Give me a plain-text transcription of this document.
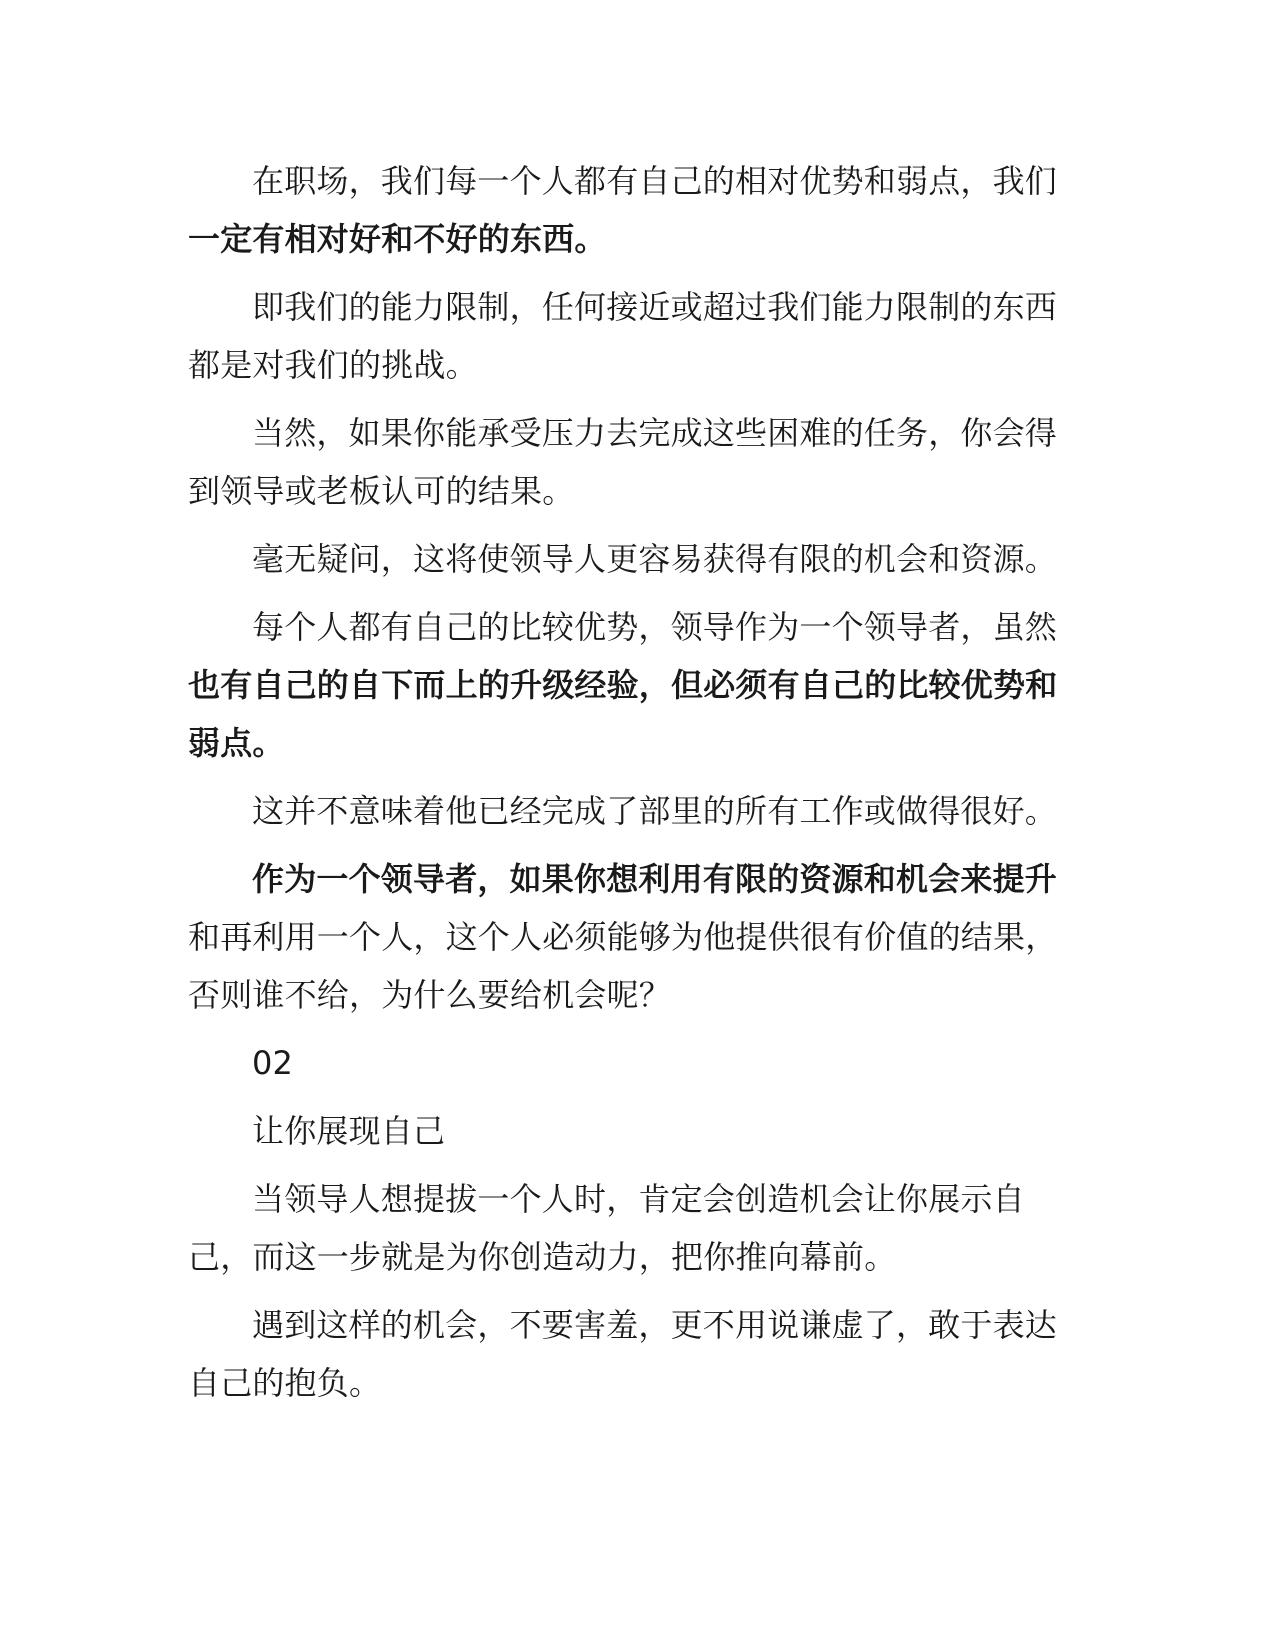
在职场，我们每一个人都有自己的相对优势和弱点，我们一定有相对好和不好的东西。

即我们的能力限制，任何接近或超过我们能力限制的东西都是对我们的挑战。

当然，如果你能承受压力去完成这些困难的任务，你会得到领导或老板认可的结果。

毫无疑问，这将使领导人更容易获得有限的机会和资源。

每个人都有自己的比较优势，领导作为一个领导者，虽然也有自己的自下而上的升级经验，但必须有自己的比较优势和弱点。

这并不意味着他已经完成了部里的所有工作或做得很好。

作为一个领导者，如果你想利用有限的资源和机会来提升和再利用一个人，这个人必须能够为他提供很有价值的结果，否则谁不给，为什么要给机会呢？

02

让你展现自己

当领导人想提拔一个人时，肯定会创造机会让你展示自己，而这一步就是为你创造动力，把你推向幕前。

遇到这样的机会，不要害羞，更不用说谦虚了，敢于表达自己的抱负。
